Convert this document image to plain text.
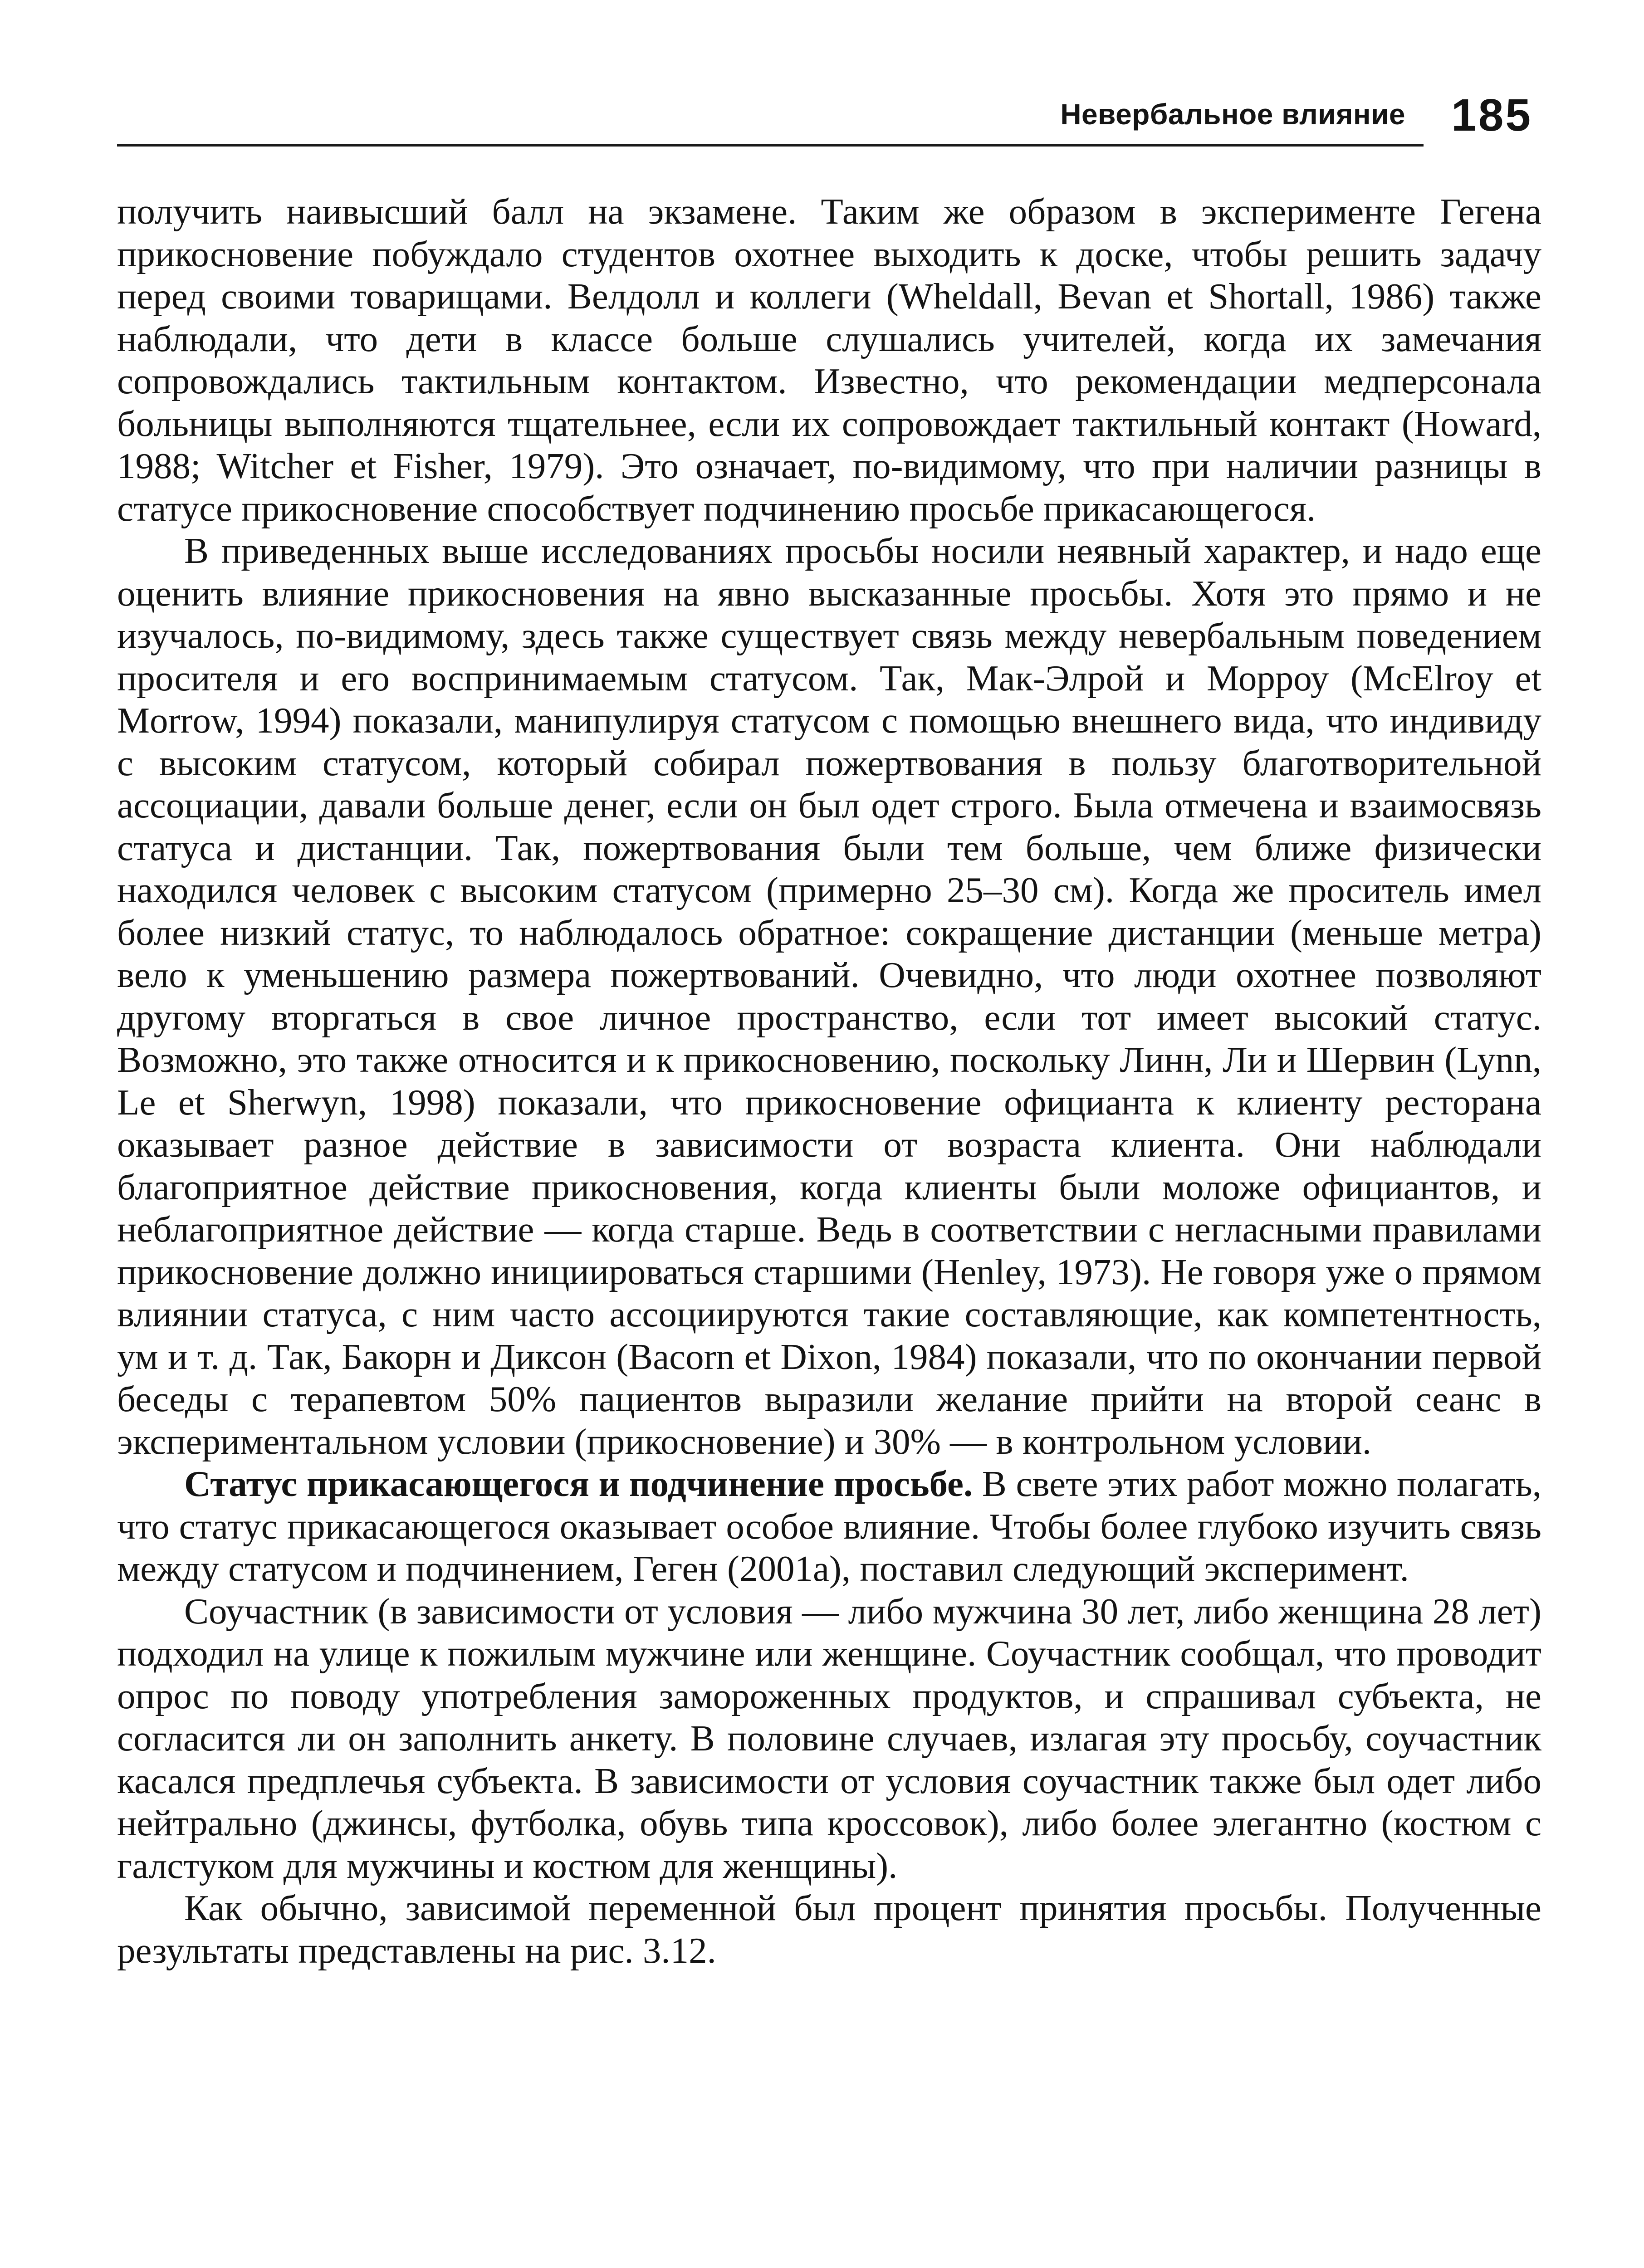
Невербальное влияние 185

получить наивысший балл на экзамене. Таким же образом в эксперименте Гегена прикосновение побуждало студентов охотнее выходить к доске, чтобы решить задачу перед своими товарищами. Велдолл и коллеги (Wheldall, Bevan et Shortall, 1986) также наблюдали, что дети в классе больше слушались учителей, когда их замечания сопровождались тактильным контактом. Известно, что рекомендации медперсонала больницы выполняются тщательнее, если их сопровождает тактильный контакт (Howard, 1988; Witcher et Fisher, 1979). Это означает, по-видимому, что при наличии разницы в статусе прикосновение способствует подчинению просьбе прикасающегося.

В приведенных выше исследованиях просьбы носили неявный характер, и надо еще оценить влияние прикосновения на явно высказанные просьбы. Хотя это прямо и не изучалось, по-видимому, здесь также существует связь между невербальным поведением просителя и его воспринимаемым статусом. Так, Мак-Элрой и Морроу (McElroy et Morrow, 1994) показали, манипулируя статусом с помощью внешнего вида, что индивиду с высоким статусом, который собирал пожертвования в пользу благотворительной ассоциации, давали больше денег, если он был одет строго. Была отмечена и взаимосвязь статуса и дистанции. Так, пожертвования были тем больше, чем ближе физически находился человек с высоким статусом (примерно 25–30 см). Когда же проситель имел более низкий статус, то наблюдалось обратное: сокращение дистанции (меньше метра) вело к уменьшению размера пожертвований. Очевидно, что люди охотнее позволяют другому вторгаться в свое личное пространство, если тот имеет высокий статус. Возможно, это также относится и к прикосновению, поскольку Линн, Ли и Шервин (Lynn, Le et Sherwyn, 1998) показали, что прикосновение официанта к клиенту ресторана оказывает разное действие в зависимости от возраста клиента. Они наблюдали благоприятное действие прикосновения, когда клиенты были моложе официантов, и неблагоприятное действие — когда старше. Ведь в соответствии с негласными правилами прикосновение должно инициироваться старшими (Henley, 1973). Не говоря уже о прямом влиянии статуса, с ним часто ассоциируются такие составляющие, как компетентность, ум и т. д. Так, Бакорн и Диксон (Bacorn et Dixon, 1984) показали, что по окончании первой беседы с терапевтом 50% пациентов выразили желание прийти на второй сеанс в экспериментальном условии (прикосновение) и 30% — в контрольном условии.

Статус прикасающегося и подчинение просьбе. В свете этих работ можно полагать, что статус прикасающегося оказывает особое влияние. Чтобы более глубоко изучить связь между статусом и подчинением, Геген (2001а), поставил следующий эксперимент.

Соучастник (в зависимости от условия — либо мужчина 30 лет, либо женщина 28 лет) подходил на улице к пожилым мужчине или женщине. Соучастник сообщал, что проводит опрос по поводу употребления замороженных продуктов, и спрашивал субъекта, не согласится ли он заполнить анкету. В половине случаев, излагая эту просьбу, соучастник касался предплечья субъекта. В зависимости от условия соучастник также был одет либо нейтрально (джинсы, футболка, обувь типа кроссовок), либо более элегантно (костюм с галстуком для мужчины и костюм для женщины).

Как обычно, зависимой переменной был процент принятия просьбы. Полученные результаты представлены на рис. 3.12.
